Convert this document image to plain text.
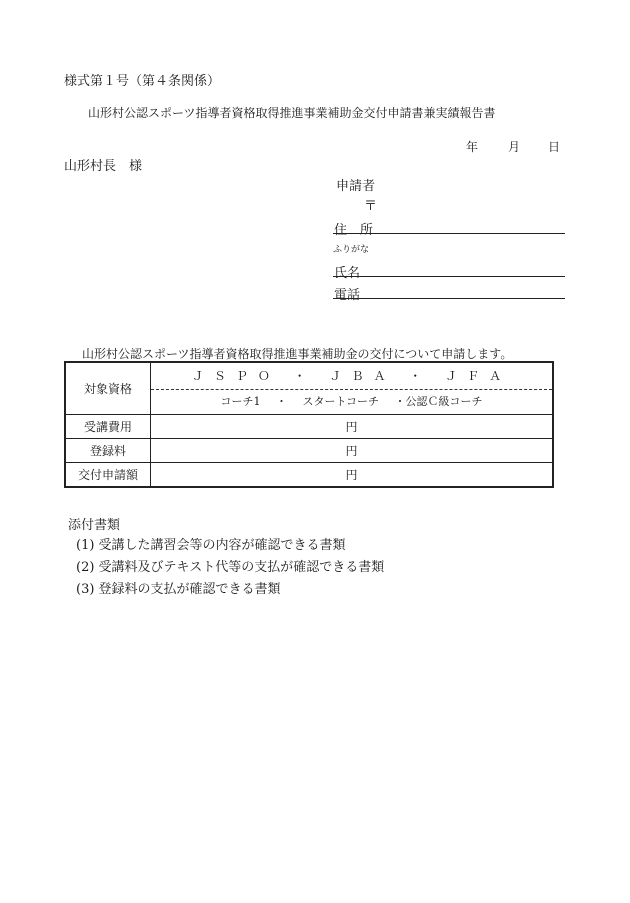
様式第１号（第４条関係）
山形村公認スポーツ指導者資格取得推進事業補助金交付申請書兼実績報告書
年 月 日
山形村長　様
申請者
〒
住　所
ふりがな
氏名
電話
山形村公認スポーツ指導者資格取得推進事業補助金の交付について申請します。
対象資格	ＪＳＰＯ ・ ＪＢＡ ・ ＪＦＡ
コーチ1 ・ スタートコーチ ・公認Ｃ級コーチ

受講費用	円
登録料	円
交付申請額	円
添付書類
(1) 受講した講習会等の内容が確認できる書類
(2) 受講料及びテキスト代等の支払が確認できる書類
(3) 登録料の支払が確認できる書類
